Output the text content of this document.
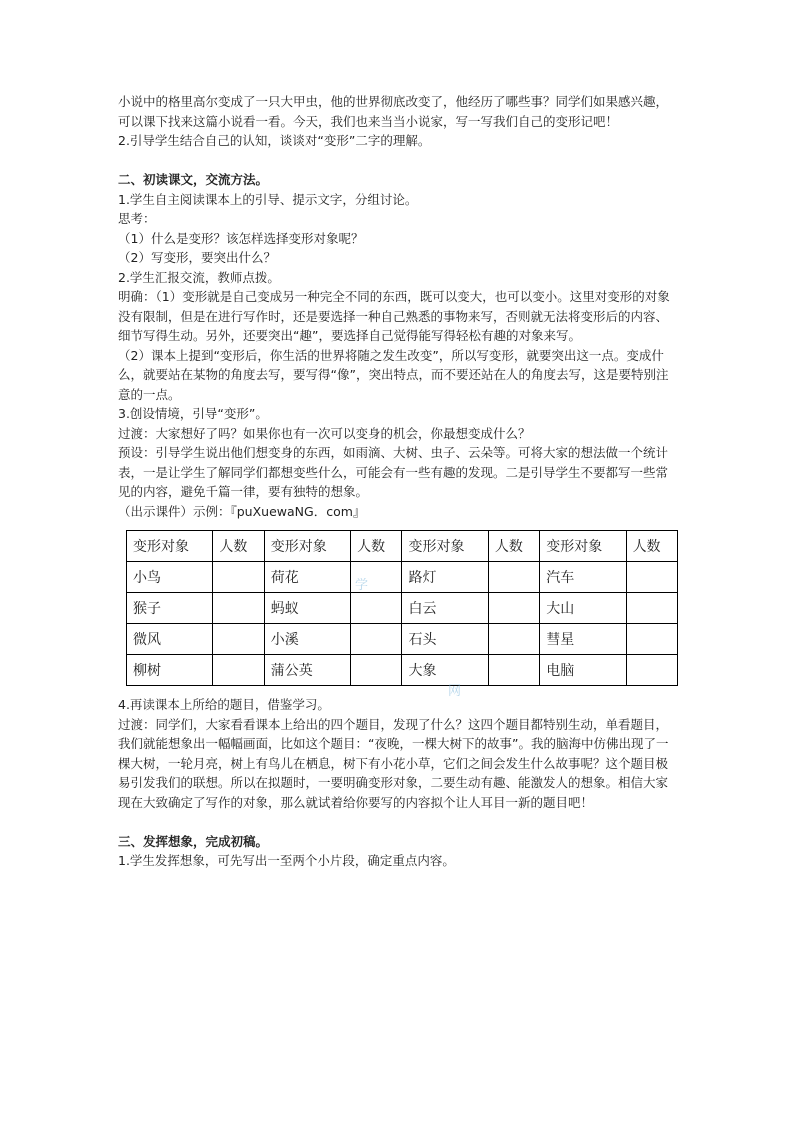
小说中的格里高尔变成了一只大甲虫，他的世界彻底改变了，他经历了哪些事？同学们如果感兴趣，可以课下找来这篇小说看一看。今天，我们也来当当小说家，写一写我们自己的变形记吧！

2.引导学生结合自己的认知，谈谈对“变形”二字的理解。

二、初读课文，交流方法。

1.学生自主阅读课本上的引导、提示文字，分组讨论。

思考：

（1）什么是变形？该怎样选择变形对象呢？

（2）写变形，要突出什么？

2.学生汇报交流，教师点拨。

明确：（1）变形就是自己变成另一种完全不同的东西，既可以变大，也可以变小。这里对变形的对象没有限制，但是在进行写作时，还是要选择一种自己熟悉的事物来写，否则就无法将变形后的内容、细节写得生动。另外，还要突出“趣”，要选择自己觉得能写得轻松有趣的对象来写。

（2）课本上提到“变形后，你生活的世界将随之发生改变”，所以写变形，就要突出这一点。变成什么，就要站在某物的角度去写，要写得“像”，突出特点，而不要还站在人的角度去写，这是要特别注意的一点。

3.创设情境，引导“变形”。

过渡：大家想好了吗？如果你也有一次可以变身的机会，你最想变成什么？

预设：引导学生说出他们想变身的东西，如雨滴、大树、虫子、云朵等。可将大家的想法做一个统计表，一是让学生了解同学们都想变些什么，可能会有一些有趣的发现。二是引导学生不要都写一些常见的内容，避免千篇一律，要有独特的想象。

（出示课件）示例：『puXuewaNG．com』

变形对象	人数	变形对象	人数	变形对象	人数	变形对象	人数
小鸟		荷花		路灯		汽车	
猴子		蚂蚁		白云		大山	
微风		小溪		石头		彗星	
柳树		蒲公英		大象		电脑	

4.再读课本上所给的题目，借鉴学习。

过渡：同学们，大家看看课本上给出的四个题目，发现了什么？这四个题目都特别生动，单看题目，我们就能想象出一幅幅画面，比如这个题目：“夜晚，一棵大树下的故事”。我的脑海中仿佛出现了一棵大树，一轮月亮，树上有鸟儿在栖息，树下有小花小草，它们之间会发生什么故事呢？这个题目极易引发我们的联想。所以在拟题时，一要明确变形对象，二要生动有趣、能激发人的想象。相信大家现在大致确定了写作的对象，那么就试着给你要写的内容拟个让人耳目一新的题目吧！

三、发挥想象，完成初稿。

1.学生发挥想象，可先写出一至两个小片段，确定重点内容。

学
网
